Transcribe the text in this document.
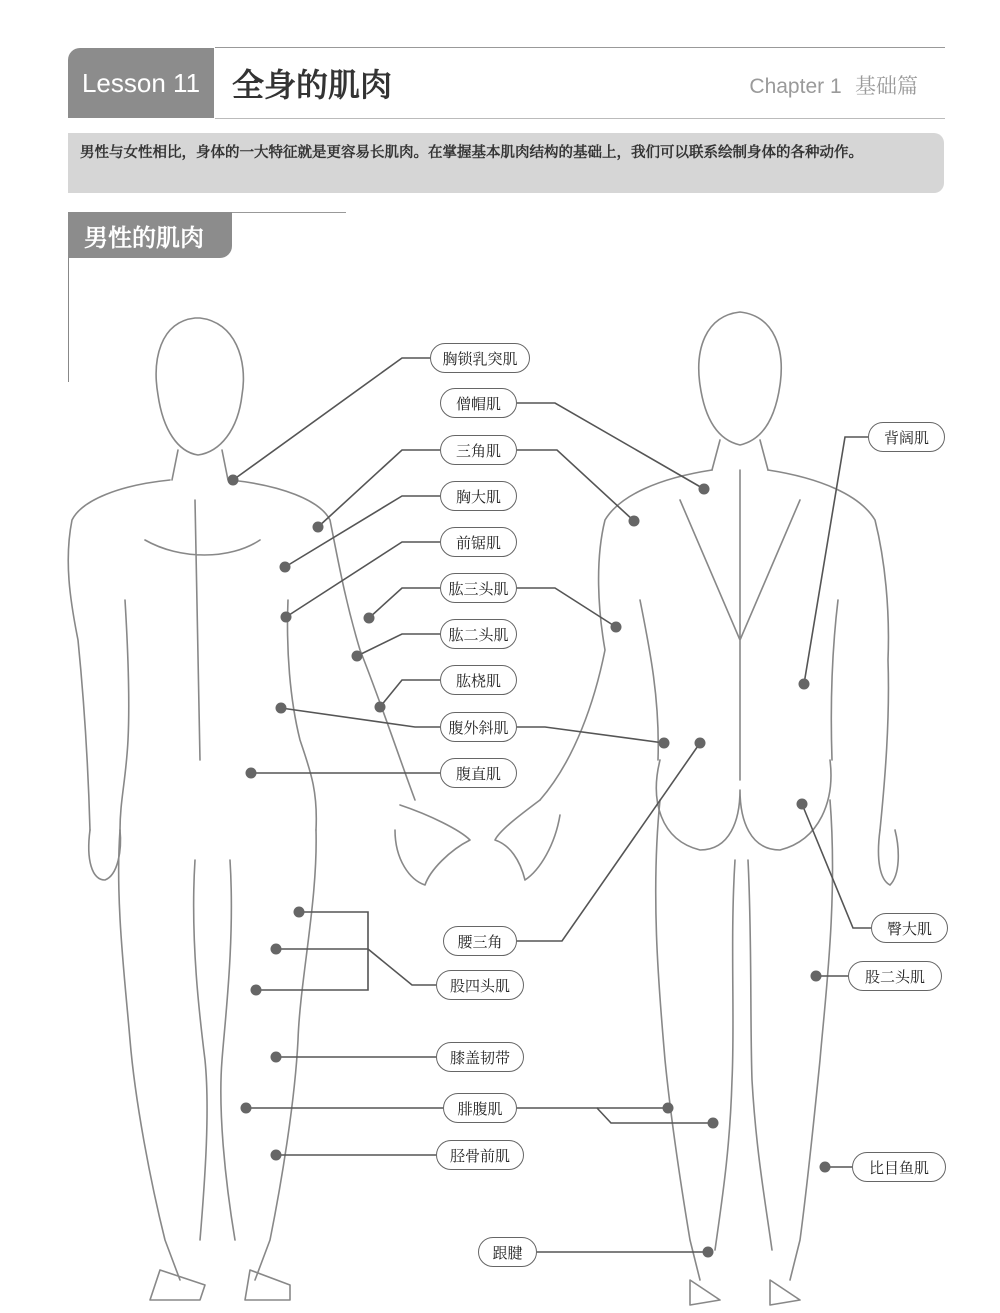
Lesson 11 全身的肌肉	Chapter 1 基础篇
男性与女性相比，身体的一大特征就是更容易长肌肉。在掌握基本肌肉结构的基础上，我们可以联系绘制身体的各种动作。
男性的肌肉
胸锁乳突肌
僧帽肌
三角肌
胸大肌
前锯肌
肱三头肌
肱二头肌
肱桡肌
腹外斜肌
腹直肌
腰三角
股四头肌
膝盖韧带
腓腹肌
胫骨前肌
跟腱
背阔肌
臀大肌
股二头肌
比目鱼肌
